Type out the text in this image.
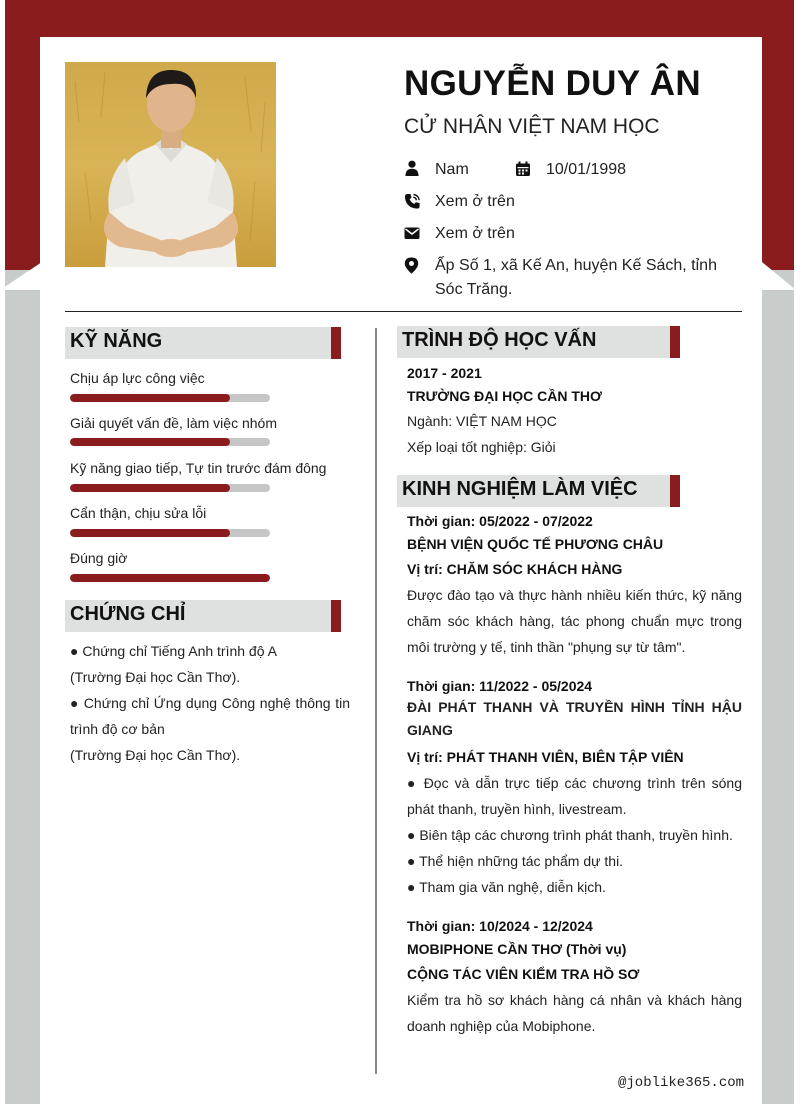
NGUYỄN DUY ÂN
CỬ NHÂN VIỆT NAM HỌC
Nam	10/01/1998
Xem ở trên
Xem ở trên
Ấp Số 1, xã Kế An, huyện Kế Sách, tỉnh Sóc Trăng.
KỸ NĂNG
Chịu áp lực công việc
Giải quyết vấn đề, làm việc nhóm
Kỹ năng giao tiếp, Tự tin trước đám đông
Cẩn thận, chịu sửa lỗi
Đúng giờ
CHỨNG CHỈ
● Chứng chỉ Tiếng Anh trình độ A
(Trường Đại học Cần Thơ).
● Chứng chỉ Ứng dụng Công nghệ thông tin trình độ cơ bản
(Trường Đại học Cần Thơ).
TRÌNH ĐỘ HỌC VẤN
2017 - 2021
TRƯỜNG ĐẠI HỌC CẦN THƠ
Ngành: VIỆT NAM HỌC
Xếp loại tốt nghiệp: Giỏi
KINH NGHIỆM LÀM VIỆC
Thời gian: 05/2022 - 07/2022
BỆNH VIỆN QUỐC TẾ PHƯƠNG CHÂU
Vị trí: CHĂM SÓC KHÁCH HÀNG
Được đào tạo và thực hành nhiều kiến thức, kỹ năng chăm sóc khách hàng, tác phong chuẩn mực trong môi trường y tế, tinh thần "phụng sự từ tâm".
Thời gian: 11/2022 - 05/2024
ĐÀI PHÁT THANH VÀ TRUYỀN HÌNH TỈNH HẬU GIANG
Vị trí: PHÁT THANH VIÊN, BIÊN TẬP VIÊN
● Đọc và dẫn trực tiếp các chương trình trên sóng phát thanh, truyền hình, livestream.
● Biên tập các chương trình phát thanh, truyền hình.
● Thể hiện những tác phẩm dự thi.
● Tham gia văn nghệ, diễn kịch.
Thời gian: 10/2024 - 12/2024
MOBIPHONE CẦN THƠ (Thời vụ)
CỘNG TÁC VIÊN KIỂM TRA HỒ SƠ
Kiểm tra hồ sơ khách hàng cá nhân và khách hàng doanh nghiệp của Mobiphone.
@joblike365.com
